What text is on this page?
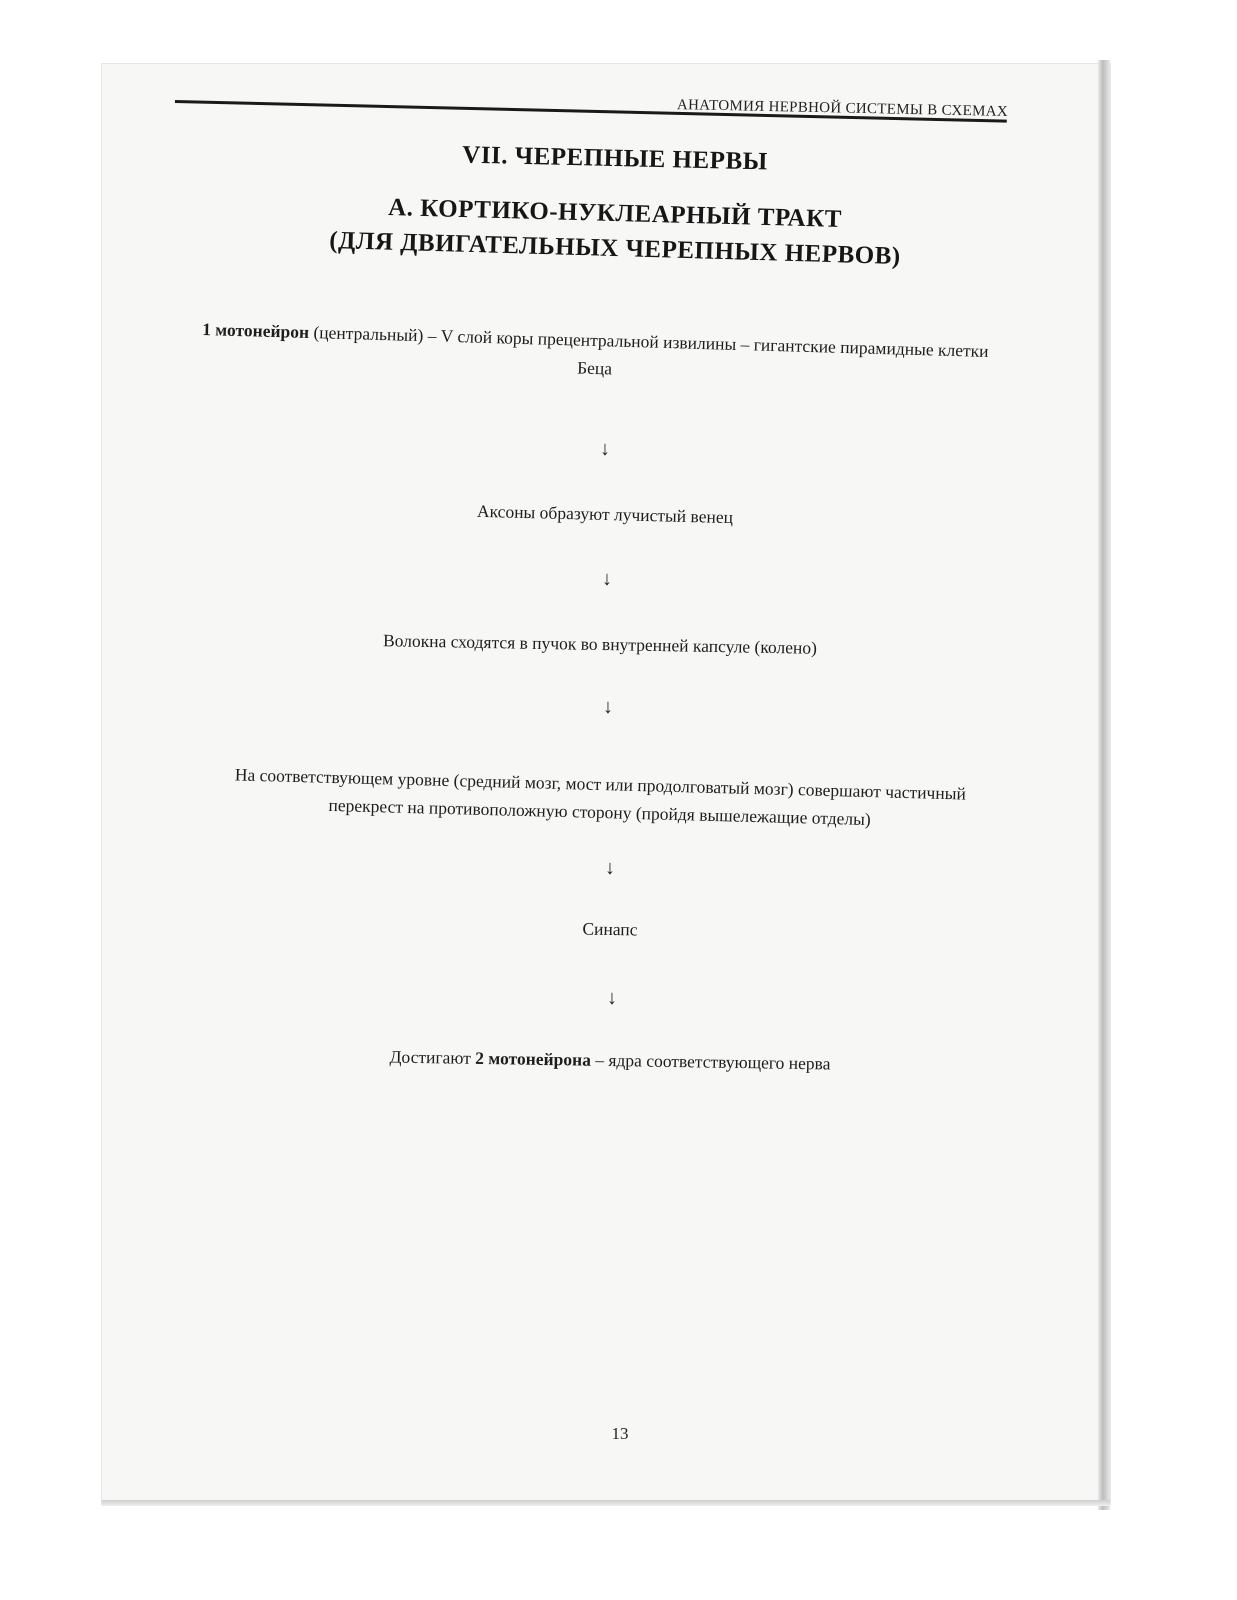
АНАТОМИЯ НЕРВНОЙ СИСТЕМЫ В СХЕМАХ
VII. ЧЕРЕПНЫЕ НЕРВЫ
А. КОРТИКО-НУКЛЕАРНЫЙ ТРАКТ
(ДЛЯ ДВИГАТЕЛЬНЫХ ЧЕРЕПНЫХ НЕРВОВ)
1 мотонейрон (центральный) – V слой коры прецентральной извилины – гигантские пирамидные клетки Беца
↓
Аксоны образуют лучистый венец
↓
Волокна сходятся в пучок во внутренней капсуле (колено)
↓
На соответствующем уровне (средний мозг, мост или продолговатый мозг) совершают частичный перекрест на противоположную сторону (пройдя вышележащие отделы)
↓
Синапс
↓
Достигают 2 мотонейрона – ядра соответствующего нерва
13
